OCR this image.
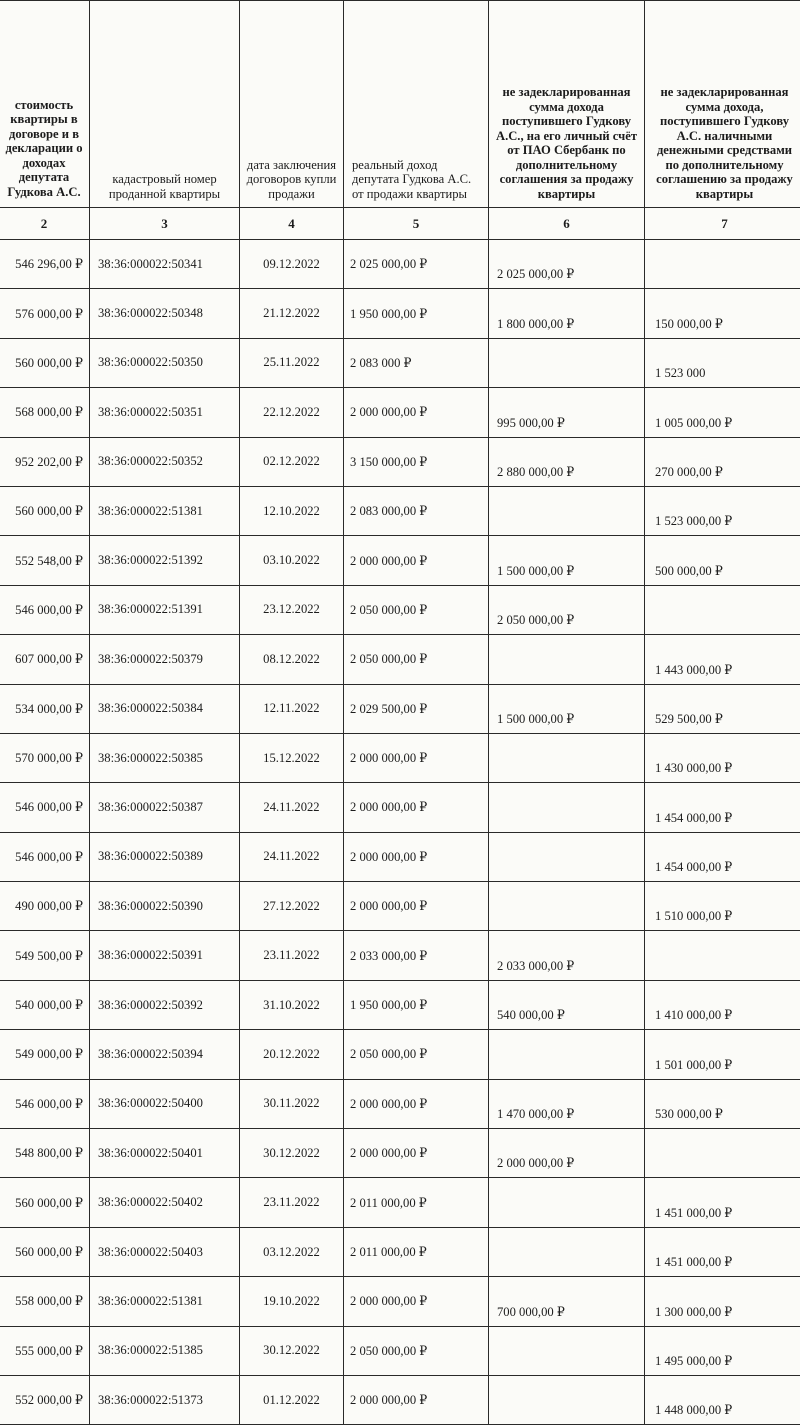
стоимость квартиры в договоре и в декларации о доходах депутата Гудкова А.С.	кадастровый номер проданной квартиры	дата заключения договоров купли продажи	реальный доход депутата Гудкова А.С. от продажи квартиры	не задекларированная сумма дохода поступившего Гудкову А.С., на его личный счёт от ПАО Сбербанк по дополнительному соглашения за продажу квартиры	не задекларированная сумма дохода, поступившего Гудкову А.С. наличными денежными средствами по дополнительному соглашению за продажу квартиры
2	3	4	5	6	7
546 296,00 ₽	38:36:000022:50341	09.12.2022	2 025 000,00 ₽	2 025 000,00 ₽	
576 000,00 ₽	38:36:000022:50348	21.12.2022	1 950 000,00 ₽	1 800 000,00 ₽	150 000,00 ₽
560 000,00 ₽	38:36:000022:50350	25.11.2022	2 083 000 ₽		1 523 000
568 000,00 ₽	38:36:000022:50351	22.12.2022	2 000 000,00 ₽	995 000,00 ₽	1 005 000,00 ₽
952 202,00 ₽	38:36:000022:50352	02.12.2022	3 150 000,00 ₽	2 880 000,00 ₽	270 000,00 ₽
560 000,00 ₽	38:36:000022:51381	12.10.2022	2 083 000,00 ₽		1 523 000,00 ₽
552 548,00 ₽	38:36:000022:51392	03.10.2022	2 000 000,00 ₽	1 500 000,00 ₽	500 000,00 ₽
546 000,00 ₽	38:36:000022:51391	23.12.2022	2 050 000,00 ₽	2 050 000,00 ₽	
607 000,00 ₽	38:36:000022:50379	08.12.2022	2 050 000,00 ₽		1 443 000,00 ₽
534 000,00 ₽	38:36:000022:50384	12.11.2022	2 029 500,00 ₽	1 500 000,00 ₽	529 500,00 ₽
570 000,00 ₽	38:36:000022:50385	15.12.2022	2 000 000,00 ₽		1 430 000,00 ₽
546 000,00 ₽	38:36:000022:50387	24.11.2022	2 000 000,00 ₽		1 454 000,00 ₽
546 000,00 ₽	38:36:000022:50389	24.11.2022	2 000 000,00 ₽		1 454 000,00 ₽
490 000,00 ₽	38:36:000022:50390	27.12.2022	2 000 000,00 ₽		1 510 000,00 ₽
549 500,00 ₽	38:36:000022:50391	23.11.2022	2 033 000,00 ₽	2 033 000,00 ₽	
540 000,00 ₽	38:36:000022:50392	31.10.2022	1 950 000,00 ₽	540 000,00 ₽	1 410 000,00 ₽
549 000,00 ₽	38:36:000022:50394	20.12.2022	2 050 000,00 ₽		1 501 000,00 ₽
546 000,00 ₽	38:36:000022:50400	30.11.2022	2 000 000,00 ₽	1 470 000,00 ₽	530 000,00 ₽
548 800,00 ₽	38:36:000022:50401	30.12.2022	2 000 000,00 ₽	2 000 000,00 ₽	
560 000,00 ₽	38:36:000022:50402	23.11.2022	2 011 000,00 ₽		1 451 000,00 ₽
560 000,00 ₽	38:36:000022:50403	03.12.2022	2 011 000,00 ₽		1 451 000,00 ₽
558 000,00 ₽	38:36:000022:51381	19.10.2022	2 000 000,00 ₽	700 000,00 ₽	1 300 000,00 ₽
555 000,00 ₽	38:36:000022:51385	30.12.2022	2 050 000,00 ₽		1 495 000,00 ₽
552 000,00 ₽	38:36:000022:51373	01.12.2022	2 000 000,00 ₽		1 448 000,00 ₽
